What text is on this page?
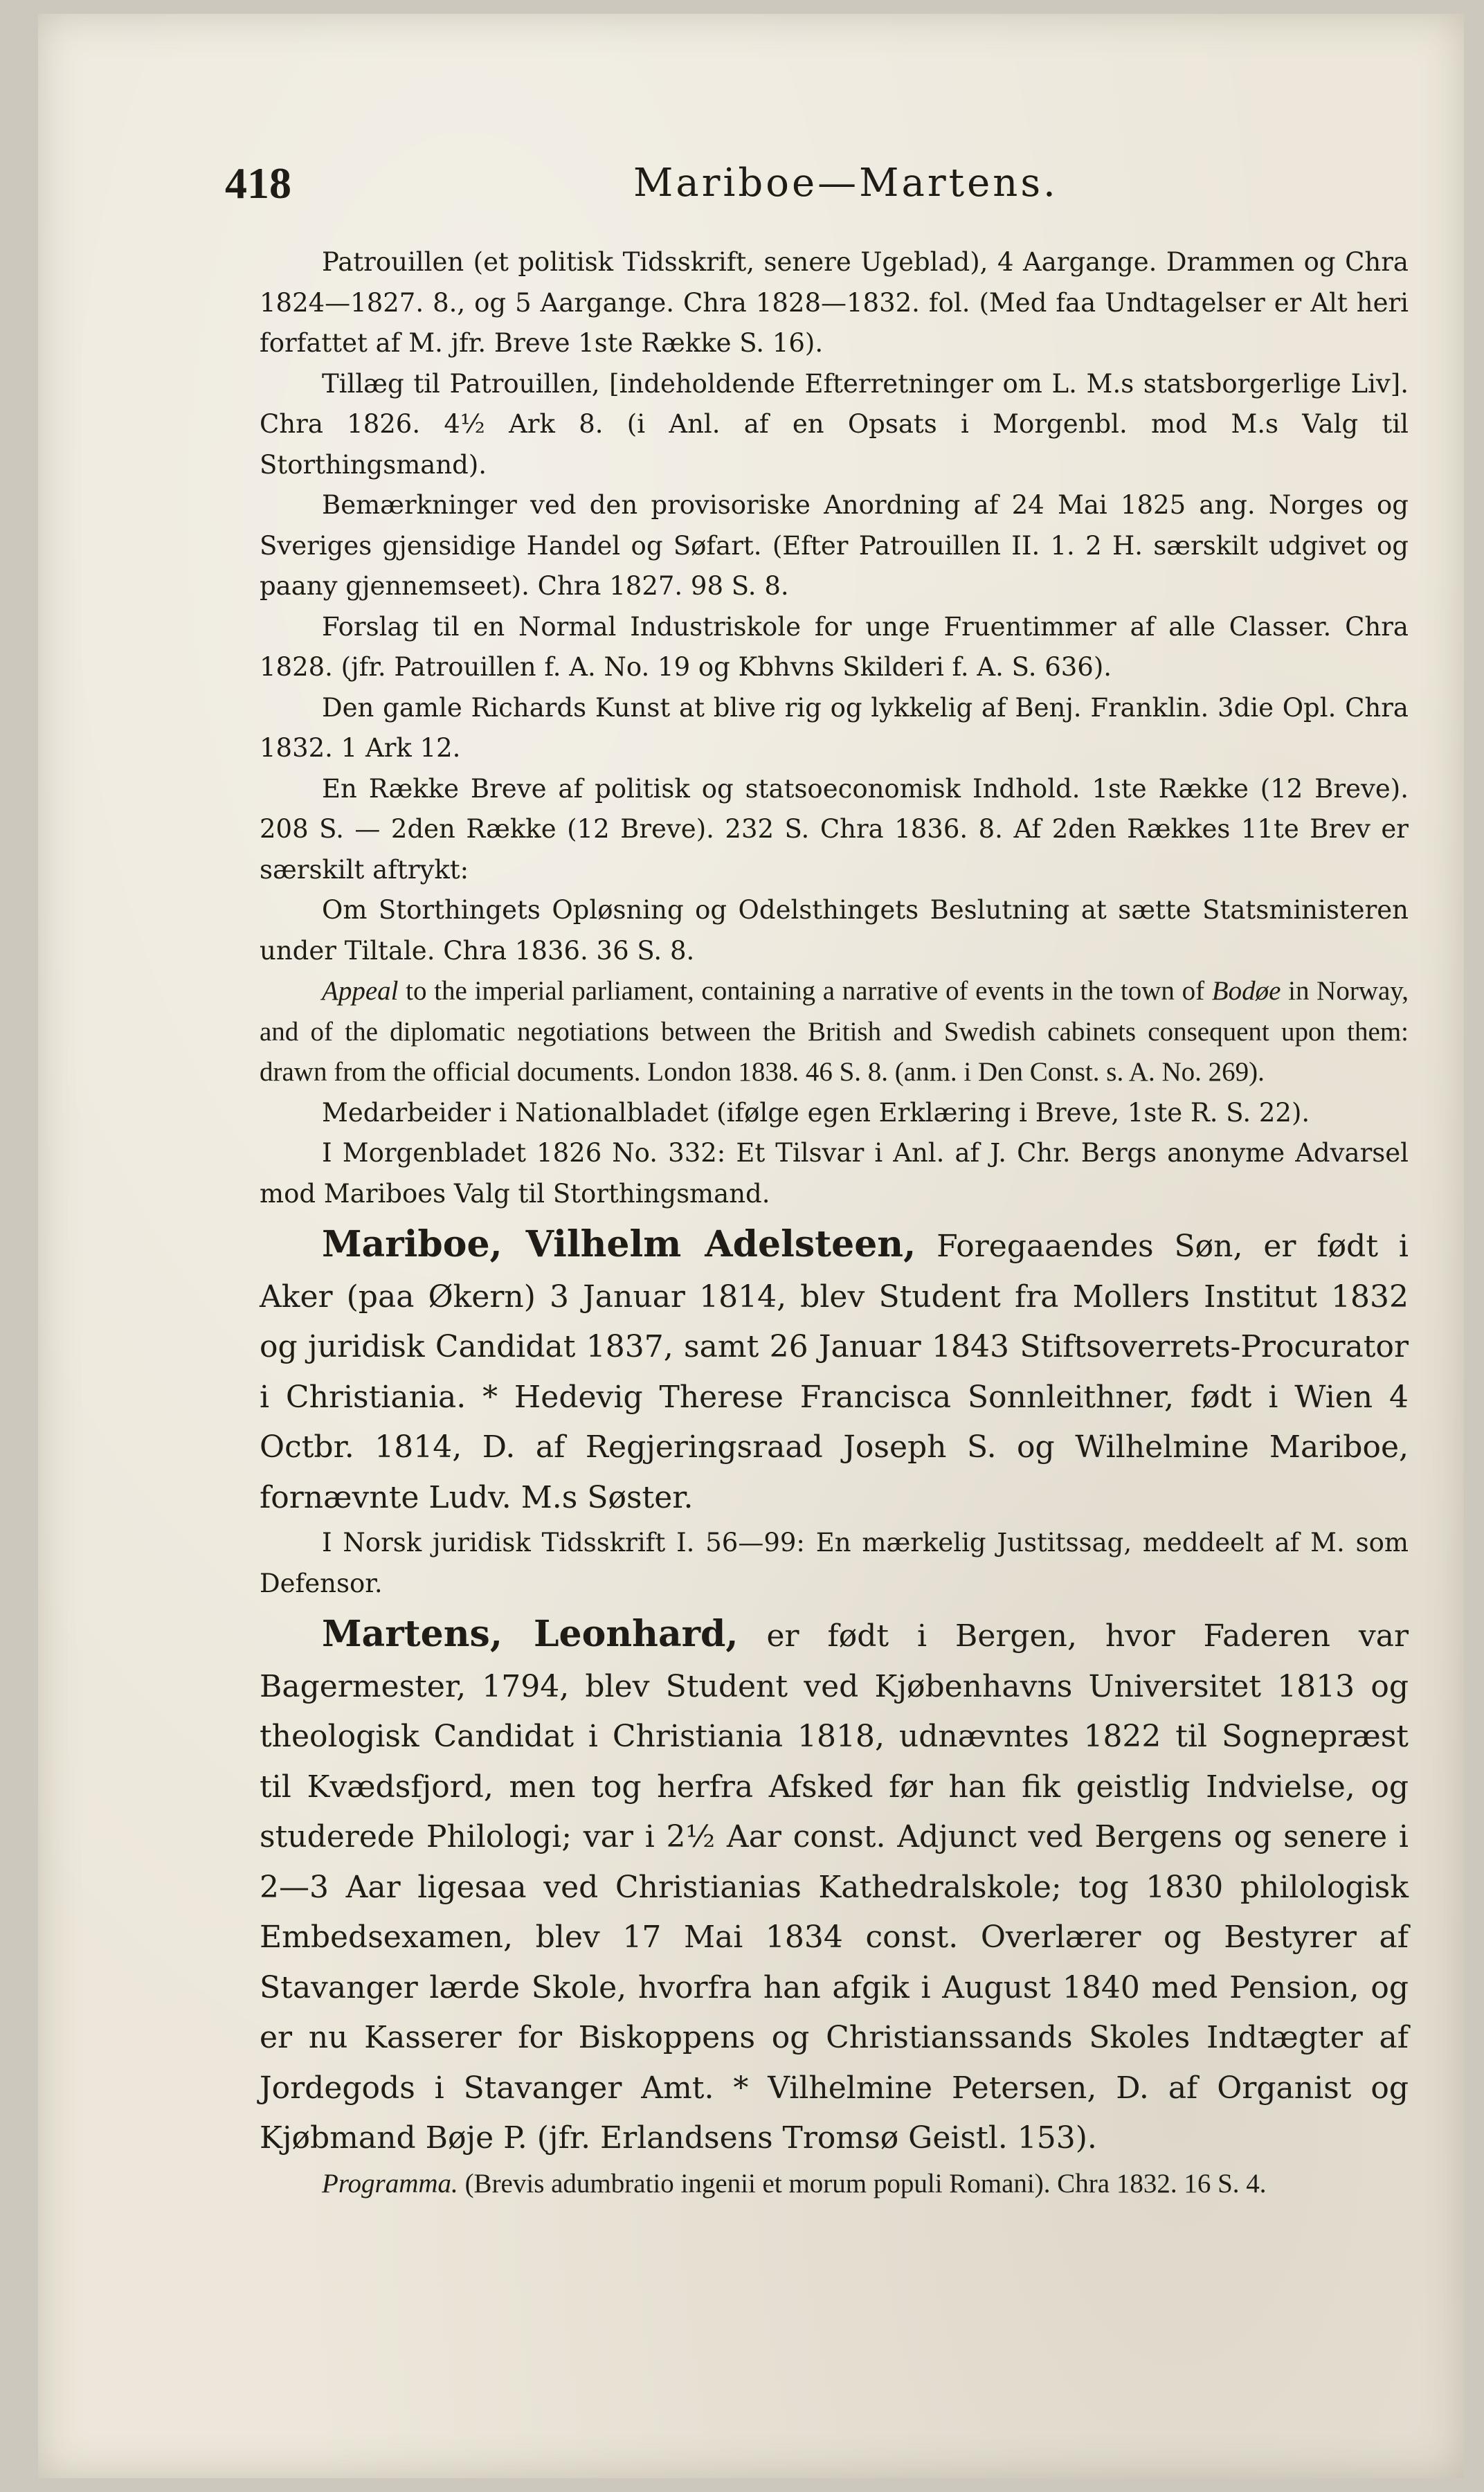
418	Mariboe—Martens.

Patrouillen (et politisk Tidsskrift, senere Ugeblad), 4 Aargange. Drammen og Chra 1824—1827. 8., og 5 Aargange. Chra 1828—1832. fol. (Med faa Undtagelser er Alt heri forfattet af M. jfr. Breve 1ste Række S. 16).

Tillæg til Patrouillen, [indeholdende Efterretninger om L. M.s statsborgerlige Liv]. Chra 1826. 4½ Ark 8. (i Anl. af en Opsats i Morgenbl. mod M.s Valg til Storthingsmand).

Bemærkninger ved den provisoriske Anordning af 24 Mai 1825 ang. Norges og Sveriges gjensidige Handel og Søfart. (Efter Patrouillen II. 1. 2 H. særskilt udgivet og paany gjennemseet). Chra 1827. 98 S. 8.

Forslag til en Normal Industriskole for unge Fruentimmer af alle Classer. Chra 1828. (jfr. Patrouillen f. A. No. 19 og Kbhvns Skilderi f. A. S. 636).

Den gamle Richards Kunst at blive rig og lykkelig af Benj. Franklin. 3die Opl. Chra 1832. 1 Ark 12.

En Række Breve af politisk og statsoeconomisk Indhold. 1ste Række (12 Breve). 208 S. — 2den Række (12 Breve). 232 S. Chra 1836. 8. Af 2den Rækkes 11te Brev er særskilt aftrykt:

Om Storthingets Opløsning og Odelsthingets Beslutning at sætte Statsministeren under Tiltale. Chra 1836. 36 S. 8.

Appeal to the imperial parliament, containing a narrative of events in the town of Bodøe in Norway, and of the diplomatic negotiations between the British and Swedish cabinets consequent upon them: drawn from the official documents. London 1838. 46 S. 8. (anm. i Den Const. s. A. No. 269).

Medarbeider i Nationalbladet (ifølge egen Erklæring i Breve, 1ste R. S. 22).

I Morgenbladet 1826 No. 332: Et Tilsvar i Anl. af J. Chr. Bergs anonyme Advarsel mod Mariboes Valg til Storthingsmand.

Mariboe, Vilhelm Adelsteen, Foregaaendes Søn, er født i Aker (paa Økern) 3 Januar 1814, blev Student fra Mollers Institut 1832 og juridisk Candidat 1837, samt 26 Januar 1843 Stiftsoverrets-Procurator i Christiania. * Hedevig Therese Francisca Sonnleithner, født i Wien 4 Octbr. 1814, D. af Regjeringsraad Joseph S. og Wilhelmine Mariboe, fornævnte Ludv. M.s Søster.

I Norsk juridisk Tidsskrift I. 56—99: En mærkelig Justitssag, meddeelt af M. som Defensor.

Martens, Leonhard, er født i Bergen, hvor Faderen var Bagermester, 1794, blev Student ved Kjøbenhavns Universitet 1813 og theologisk Candidat i Christiania 1818, udnævntes 1822 til Sognepræst til Kvædsfjord, men tog herfra Afsked før han fik geistlig Indvielse, og studerede Philologi; var i 2½ Aar const. Adjunct ved Bergens og senere i 2—3 Aar ligesaa ved Christianias Kathedralskole; tog 1830 philologisk Embedsexamen, blev 17 Mai 1834 const. Overlærer og Bestyrer af Stavanger lærde Skole, hvorfra han afgik i August 1840 med Pension, og er nu Kasserer for Biskoppens og Christianssands Skoles Indtægter af Jordegods i Stavanger Amt. * Vilhelmine Petersen, D. af Organist og Kjøbmand Bøje P. (jfr. Erlandsens Tromsø Geistl. 153).

Programma. (Brevis adumbratio ingenii et morum populi Romani). Chra 1832. 16 S. 4.
